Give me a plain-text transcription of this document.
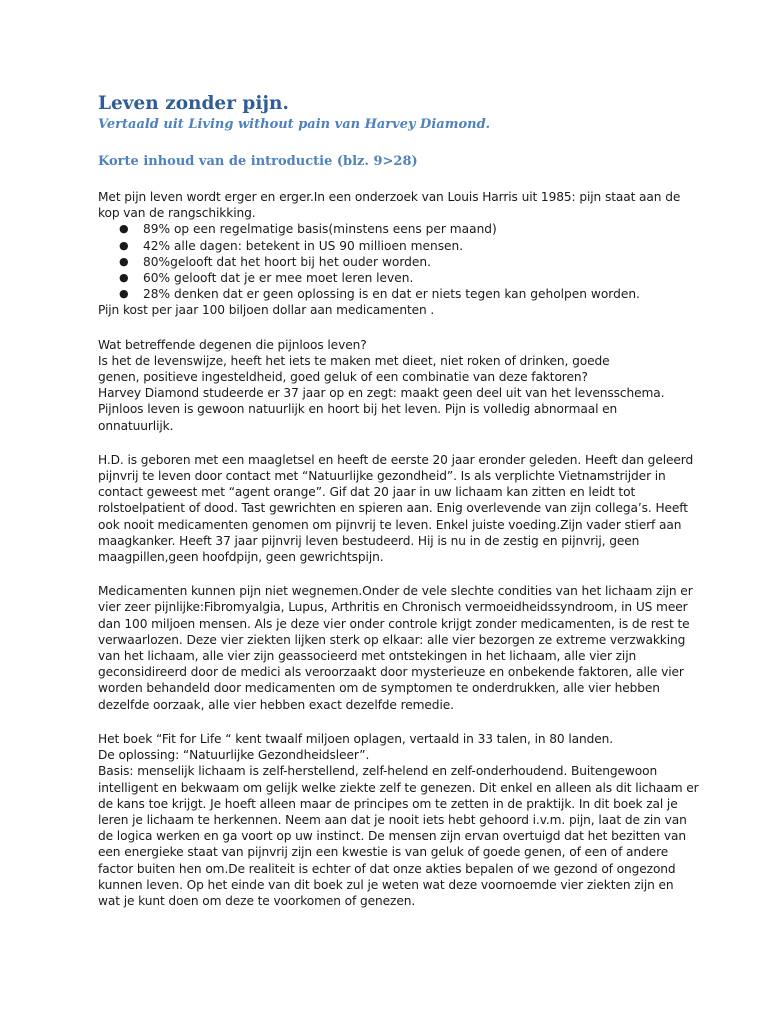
Leven zonder pijn.
Vertaald uit Living without pain van Harvey Diamond.
Korte inhoud van de introductie (blz. 9>28)
Met pijn leven wordt erger en erger.In een onderzoek van Louis Harris uit 1985: pijn staat aan de
kop van de rangschikking.
● 89% op een regelmatige basis(minstens eens per maand)
● 42% alle dagen: betekent in US 90 millioen mensen.
● 80%gelooft dat het hoort bij het ouder worden.
● 60% gelooft dat je er mee moet leren leven.
● 28% denken dat er geen oplossing is en dat er niets tegen kan geholpen worden.
Pijn kost per jaar 100 biljoen dollar aan medicamenten .
Wat betreffende degenen die pijnloos leven?
Is het de levenswijze, heeft het iets te maken met dieet, niet roken of drinken, goede
genen, positieve ingesteldheid, goed geluk of een combinatie van deze faktoren?
Harvey Diamond studeerde er 37 jaar op en zegt: maakt geen deel uit van het levensschema.
Pijnloos leven is gewoon natuurlijk en hoort bij het leven. Pijn is volledig abnormaal en
onnatuurlijk.
H.D. is geboren met een maagletsel en heeft de eerste 20 jaar eronder geleden. Heeft dan geleerd
pijnvrij te leven door contact met “Natuurlijke gezondheid”. Is als verplichte Vietnamstrijder in
contact geweest met “agent orange”. Gif dat 20 jaar in uw lichaam kan zitten en leidt tot
rolstoelpatient of dood. Tast gewrichten en spieren aan. Enig overlevende van zijn collega’s. Heeft
ook nooit medicamenten genomen om pijnvrij te leven. Enkel juiste voeding.Zijn vader stierf aan
maagkanker. Heeft 37 jaar pijnvrij leven bestudeerd. Hij is nu in de zestig en pijnvrij, geen
maagpillen,geen hoofdpijn, geen gewrichtspijn.
Medicamenten kunnen pijn niet wegnemen.Onder de vele slechte condities van het lichaam zijn er
vier zeer pijnlijke:Fibromyalgia, Lupus, Arthritis en Chronisch vermoeidheidssyndroom, in US meer
dan 100 miljoen mensen. Als je deze vier onder controle krijgt zonder medicamenten, is de rest te
verwaarlozen. Deze vier ziekten lijken sterk op elkaar: alle vier bezorgen ze extreme verzwakking
van het lichaam, alle vier zijn geassocieerd met ontstekingen in het lichaam, alle vier zijn
geconsidireerd door de medici als veroorzaakt door mysterieuze en onbekende faktoren, alle vier
worden behandeld door medicamenten om de symptomen te onderdrukken, alle vier hebben
dezelfde oorzaak, alle vier hebben exact dezelfde remedie.
Het boek “Fit for Life “ kent twaalf miljoen oplagen, vertaald in 33 talen, in 80 landen.
De oplossing: “Natuurlijke Gezondheidsleer”.
Basis: menselijk lichaam is zelf-herstellend, zelf-helend en zelf-onderhoudend. Buitengewoon
intelligent en bekwaam om gelijk welke ziekte zelf te genezen. Dit enkel en alleen als dit lichaam er
de kans toe krijgt. Je hoeft alleen maar de principes om te zetten in de praktijk. In dit boek zal je
leren je lichaam te herkennen. Neem aan dat je nooit iets hebt gehoord i.v.m. pijn, laat de zin van
de logica werken en ga voort op uw instinct. De mensen zijn ervan overtuigd dat het bezitten van
een energieke staat van pijnvrij zijn een kwestie is van geluk of goede genen, of een of andere
factor buiten hen om.De realiteit is echter of dat onze akties bepalen of we gezond of ongezond
kunnen leven. Op het einde van dit boek zul je weten wat deze voornoemde vier ziekten zijn en
wat je kunt doen om deze te voorkomen of genezen.
